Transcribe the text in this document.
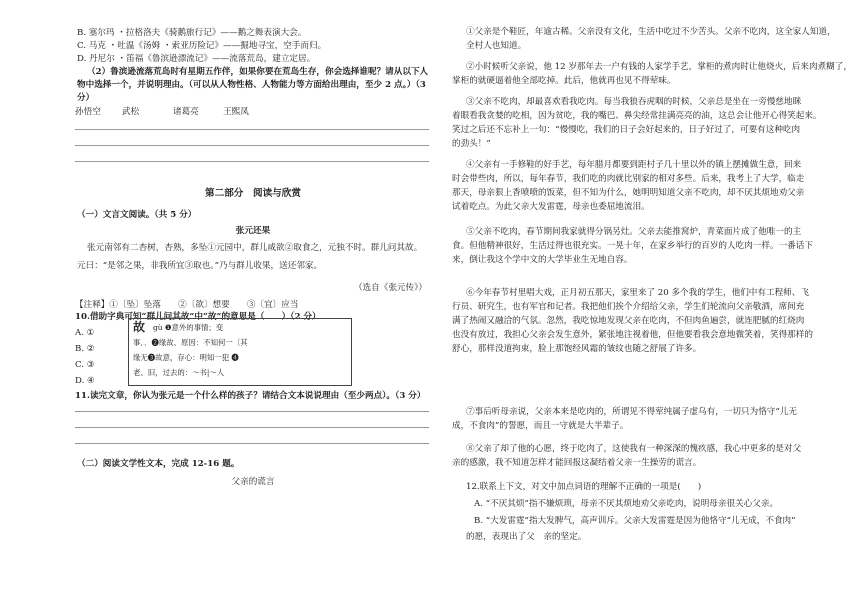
B. 塞尔玛 ・拉格洛夫《骑鹅旅行记》——鹅之舞表演大会。
C. 马克 ・吐温《汤姆 ・索亚历险记》——掘地寻宝，空手而归。
D. 丹尼尔 ・笛福《鲁滨逊漂流记》——流落荒岛，建立定居。
（2）鲁滨逊流落荒岛时有星期五作伴，如果你要在荒岛生存，你会选择谁呢？请从以下人
物中选择一个，并说明理由。（可以从人物性格、人物能力等方面给出理由，至少 2 点。）（3
分）
孙悟空 武松	诸葛亮	王熙凤
第二部分　阅读与欣赏
（一）文言文阅读。（共 5 分）
张元还果
张元南邻有二杏树，杏熟，多坠①元园中，群儿咸欲②取食之，元独不时。群儿问其故。
元曰：“是邻之果，非我所宜③取也。”乃与群儿收果，送还邻家。
（选自《张元传》）
【注释】①〔坠〕坠落　　②〔欲〕想要　　③〔宜〕应当
10.借助字典可知“群儿问其故”中“故”的意思是（　　）（2 分）
A. ①
B. ②
C. ③
D. ④
故 gù ❶意外的事情；变
事．．❷缘故、原因：不知何一〔其
缘无❸故意，存心：明知一犯 ❹
老、旧，过去的：～书|～人
11.读完文章，你认为张元是一个什么样的孩子？请结合文本说说理由（至少两点）。（3 分）
（二）阅读文学性文本，完成 12-16 题。
父亲的谎言
①父亲是个鞋匠，年逾古稀。父亲没有文化，生活中吃过不少苦头。父亲不吃肉，这全家人知道，
全村人也知道。
②小时候听父亲说，他 12 岁那年去一户有钱的人家学手艺，掌柜的煮肉时让他烧火，后来肉煮糊了，
掌柜的就硬逼着他全部吃掉。此后，他就再也见不得荤味。
③父亲不吃肉，却最喜欢看我吃肉。每当我狼吞虎咽的时候，父亲总是坐在一旁慢慈地眯
着眼看我贪婪的吃相，因为贫吃，我的嘴巴、鼻尖经常挂满亮亮的油，这总会让他开心得笑起来。
笑过之后还不忘补上一句：“慢慢吃，我们的日子会好起来的，日子好过了，可要有这种吃肉
的劲头！”
④父亲有一手修鞋的好手艺，每年腊月都要到距村子几十里以外的镇上摆摊做生意，回来
时会带些肉，所以，每年春节，我们吃的肉就比别家的相对多些。后来，我考上了大学，临走
那天，母亲狠上香喷喷的饭菜，但不知为什么，她明明知道父亲不吃肉，却不厌其烦地劝父亲
试着吃点。为此父亲大发雷霆，母亲也委屈地流泪。
⑤父亲不吃肉，春节期间我家就得分锅另灶。父亲去能推窝炉，青菜面片成了他唯一的主
食。但他精神很好，生活过得也很充实。一晃十年，在家乡举行的百岁的人吃肉一样。一番话下
来，倒让我这个学中文的大学毕业生无地自容。
⑥今年春节村里唱大戏，正月初五那天，家里来了 20 多个我的学生，他们中有工程师、飞
行员、研究生，也有军官和记者。我把他们挨个介绍给父亲，学生们轮流向父亲敬酒，席间充
满了热闹又融洽的气氛。忽然，我吃惊地发现父亲在吃肉，不但肉鱼遍尝，就连肥腻的红烧肉
也没有放过，我担心父亲会发生意外，紧张地注视着他，但他要看我会意地微笑着，笑得那样的
舒心，那样没道拘束，脸上那饱经风霜的皱纹也随之舒展了许多。
⑦事后听母亲说，父亲本来是吃肉的，所谓见不得荤纯属子虚乌有，一切只为恪守“儿无
成，不食肉”的誓愿，而且一守就是大半辈子。
⑧父亲了却了他的心愿，终于吃肉了，这使我有一种深深的愧疚感，我心中更多的是对父
亲的感激，我不知道怎样才能回报这凝结着父亲一生操劳的谎言。
12.联系上下文，对文中加点词语的理解不正确的一项是(　　)
A. “不厌其烦”指不嫌烦琐，母亲不厌其烦地劝父亲吃肉，说明母亲很关心父亲。
B. “大发雷霆”指大发脾气，高声训斥。父亲大发雷霆是因为他恪守“儿无成，不食肉”
的愿，表现出了父　亲的坚定。
